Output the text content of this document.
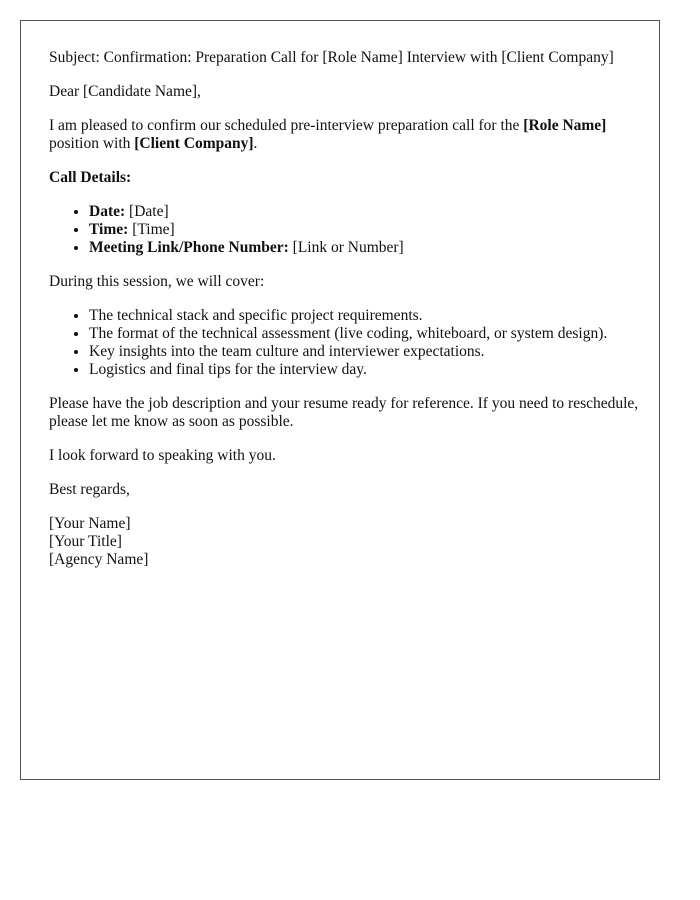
Subject: Confirmation: Preparation Call for [Role Name] Interview with [Client Company]

Dear [Candidate Name],

I am pleased to confirm our scheduled pre-interview preparation call for the [Role Name] position with [Client Company].

Call Details:

• Date: [Date]
• Time: [Time]
• Meeting Link/Phone Number: [Link or Number]

During this session, we will cover:

• The technical stack and specific project requirements.
• The format of the technical assessment (live coding, whiteboard, or system design).
• Key insights into the team culture and interviewer expectations.
• Logistics and final tips for the interview day.

Please have the job description and your resume ready for reference. If you need to reschedule, please let me know as soon as possible.

I look forward to speaking with you.

Best regards,

[Your Name]
[Your Title]
[Agency Name]
